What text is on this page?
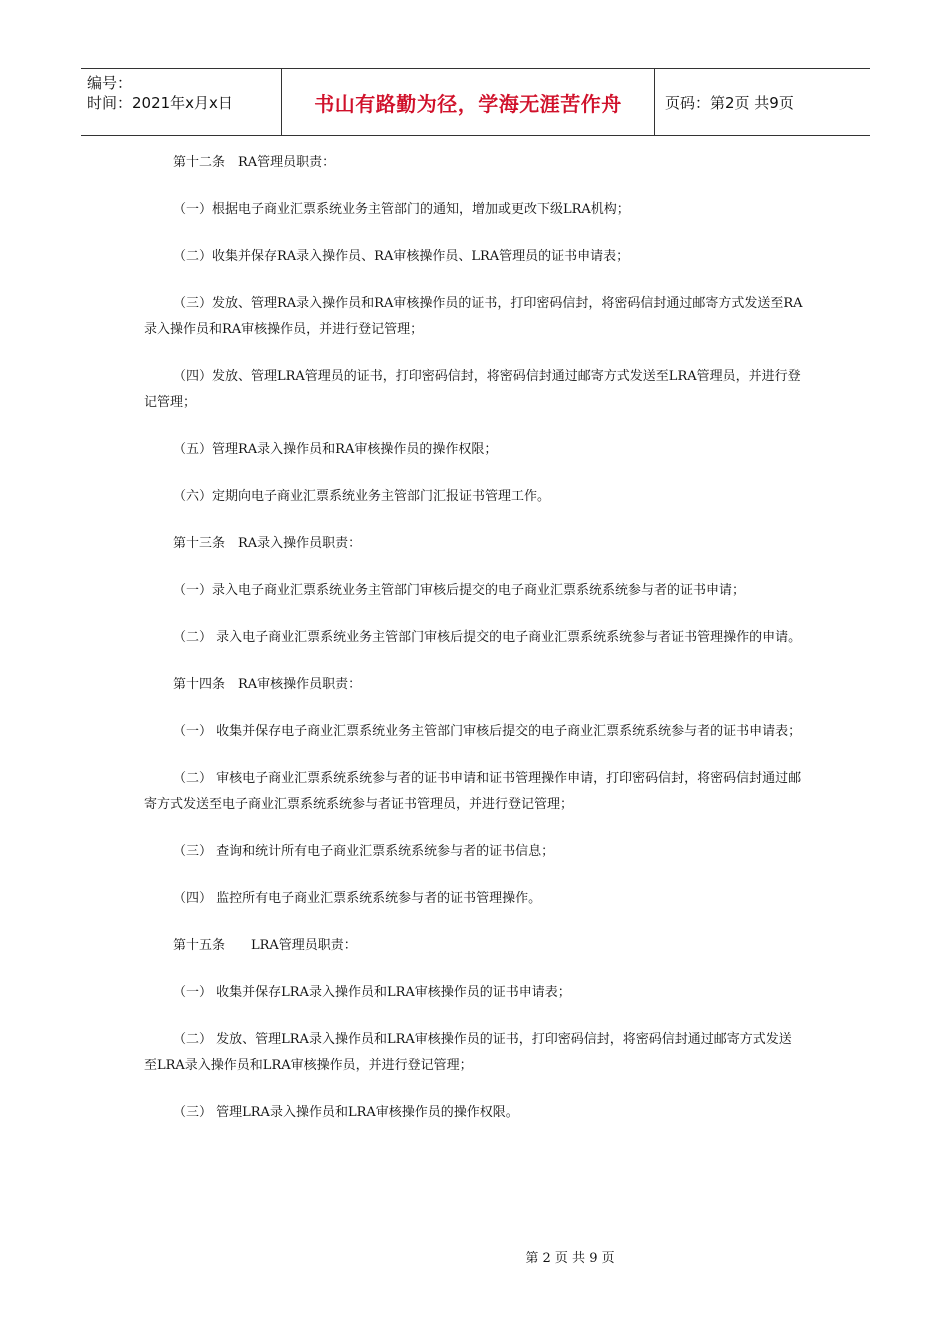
编号：
时间：2021年x月x日	书山有路勤为径，学海无涯苦作舟	页码：第2页 共9页

第十二条　RA管理员职责：

（一）根据电子商业汇票系统业务主管部门的通知，增加或更改下级LRA机构；

（二）收集并保存RA录入操作员、RA审核操作员、LRA管理员的证书申请表；

（三）发放、管理RA录入操作员和RA审核操作员的证书，打印密码信封，将密码信封通过邮寄方式发送至RA录入操作员和RA审核操作员，并进行登记管理；

（四）发放、管理LRA管理员的证书，打印密码信封，将密码信封通过邮寄方式发送至LRA管理员，并进行登记管理；

（五）管理RA录入操作员和RA审核操作员的操作权限；

（六）定期向电子商业汇票系统业务主管部门汇报证书管理工作。

第十三条　RA录入操作员职责：

（一）录入电子商业汇票系统业务主管部门审核后提交的电子商业汇票系统系统参与者的证书申请；

（二） 录入电子商业汇票系统业务主管部门审核后提交的电子商业汇票系统系统参与者证书管理操作的申请。

第十四条　RA审核操作员职责：

（一） 收集并保存电子商业汇票系统业务主管部门审核后提交的电子商业汇票系统系统参与者的证书申请表；

（二） 审核电子商业汇票系统系统参与者的证书申请和证书管理操作申请，打印密码信封，将密码信封通过邮寄方式发送至电子商业汇票系统系统参与者证书管理员，并进行登记管理；

（三） 查询和统计所有电子商业汇票系统系统参与者的证书信息；

（四） 监控所有电子商业汇票系统系统参与者的证书管理操作。

第十五条　　LRA管理员职责：

（一） 收集并保存LRA录入操作员和LRA审核操作员的证书申请表；

（二） 发放、管理LRA录入操作员和LRA审核操作员的证书，打印密码信封，将密码信封通过邮寄方式发送至LRA录入操作员和LRA审核操作员，并进行登记管理；

（三） 管理LRA录入操作员和LRA审核操作员的操作权限。

第 2 页 共 9 页
